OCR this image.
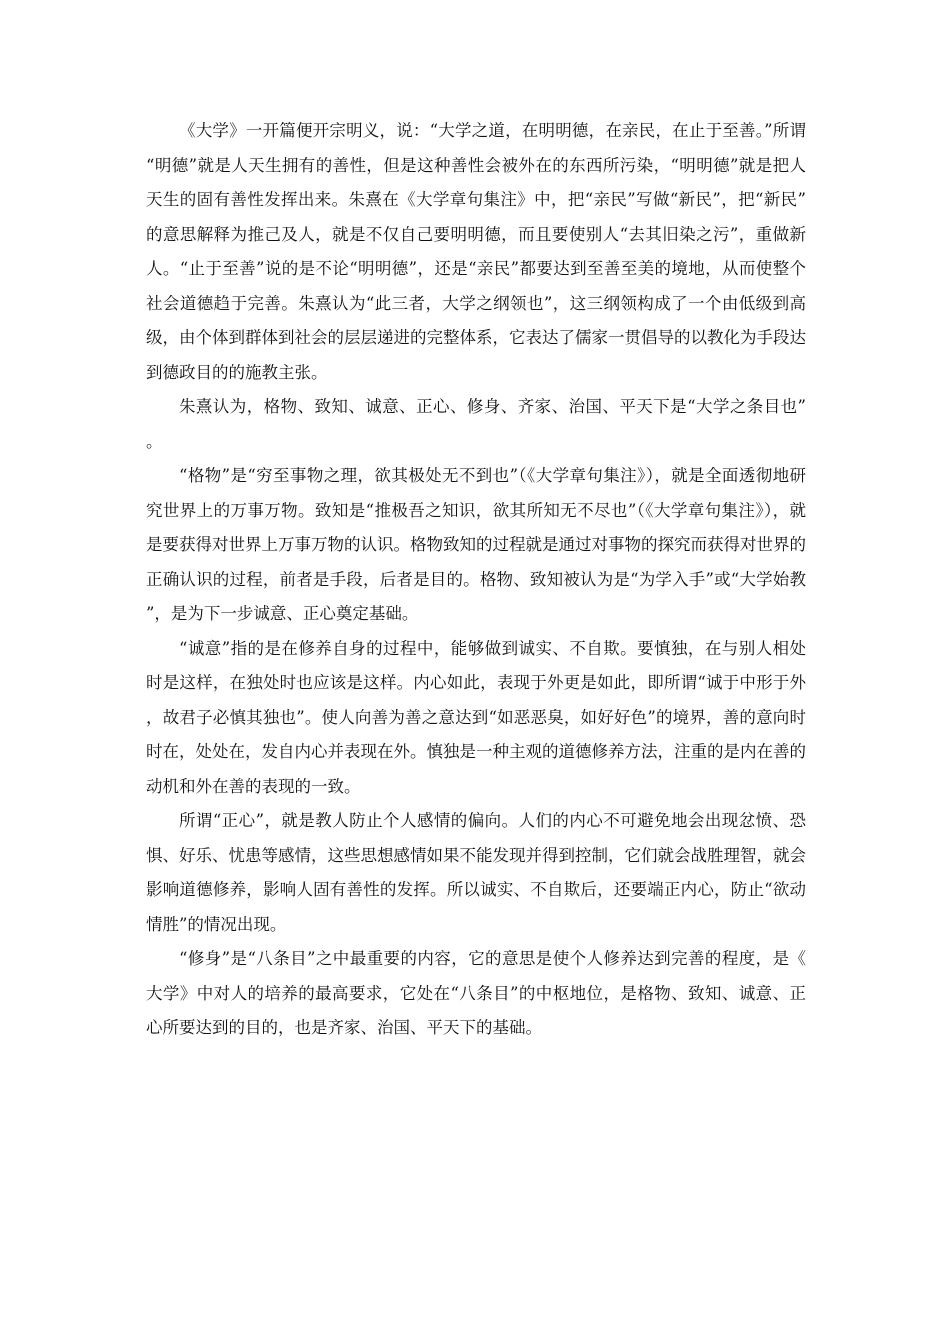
《大学》一开篇便开宗明义，说：“大学之道，在明明德，在亲民，在止于至善。”所谓“明德”就是人天生拥有的善性，但是这种善性会被外在的东西所污染，“明明德”就是把人天生的固有善性发挥出来。朱熹在《大学章句集注》中，把“亲民”写做“新民”，把“新民”的意思解释为推己及人，就是不仅自己要明明德，而且要使别人“去其旧染之污”，重做新人。“止于至善”说的是不论“明明德”，还是“亲民”都要达到至善至美的境地，从而使整个社会道德趋于完善。朱熹认为“此三者，大学之纲领也”，这三纲领构成了一个由低级到高级，由个体到群体到社会的层层递进的完整体系，它表达了儒家一贯倡导的以教化为手段达到德政目的的施教主张。

朱熹认为，格物、致知、诚意、正心、修身、齐家、治国、平天下是“大学之条目也”。

“格物”是“穷至事物之理，欲其极处无不到也”（《大学章句集注》），就是全面透彻地研究世界上的万事万物。致知是“推极吾之知识，欲其所知无不尽也”（《大学章句集注》），就是要获得对世界上万事万物的认识。格物致知的过程就是通过对事物的探究而获得对世界的正确认识的过程，前者是手段，后者是目的。格物、致知被认为是“为学入手”或“大学始教”，是为下一步诚意、正心奠定基础。

“诚意”指的是在修养自身的过程中，能够做到诚实、不自欺。要慎独，在与别人相处时是这样，在独处时也应该是这样。内心如此，表现于外更是如此，即所谓“诚于中形于外，故君子必慎其独也”。使人向善为善之意达到“如恶恶臭，如好好色”的境界，善的意向时时在，处处在，发自内心并表现在外。慎独是一种主观的道德修养方法，注重的是内在善的动机和外在善的表现的一致。

所谓“正心”，就是教人防止个人感情的偏向。人们的内心不可避免地会出现忿愤、恐惧、好乐、忧患等感情，这些思想感情如果不能发现并得到控制，它们就会战胜理智，就会影响道德修养，影响人固有善性的发挥。所以诚实、不自欺后，还要端正内心，防止“欲动情胜”的情况出现。

“修身”是“八条目”之中最重要的内容，它的意思是使个人修养达到完善的程度，是《大学》中对人的培养的最高要求，它处在“八条目”的中枢地位，是格物、致知、诚意、正心所要达到的目的，也是齐家、治国、平天下的基础。
